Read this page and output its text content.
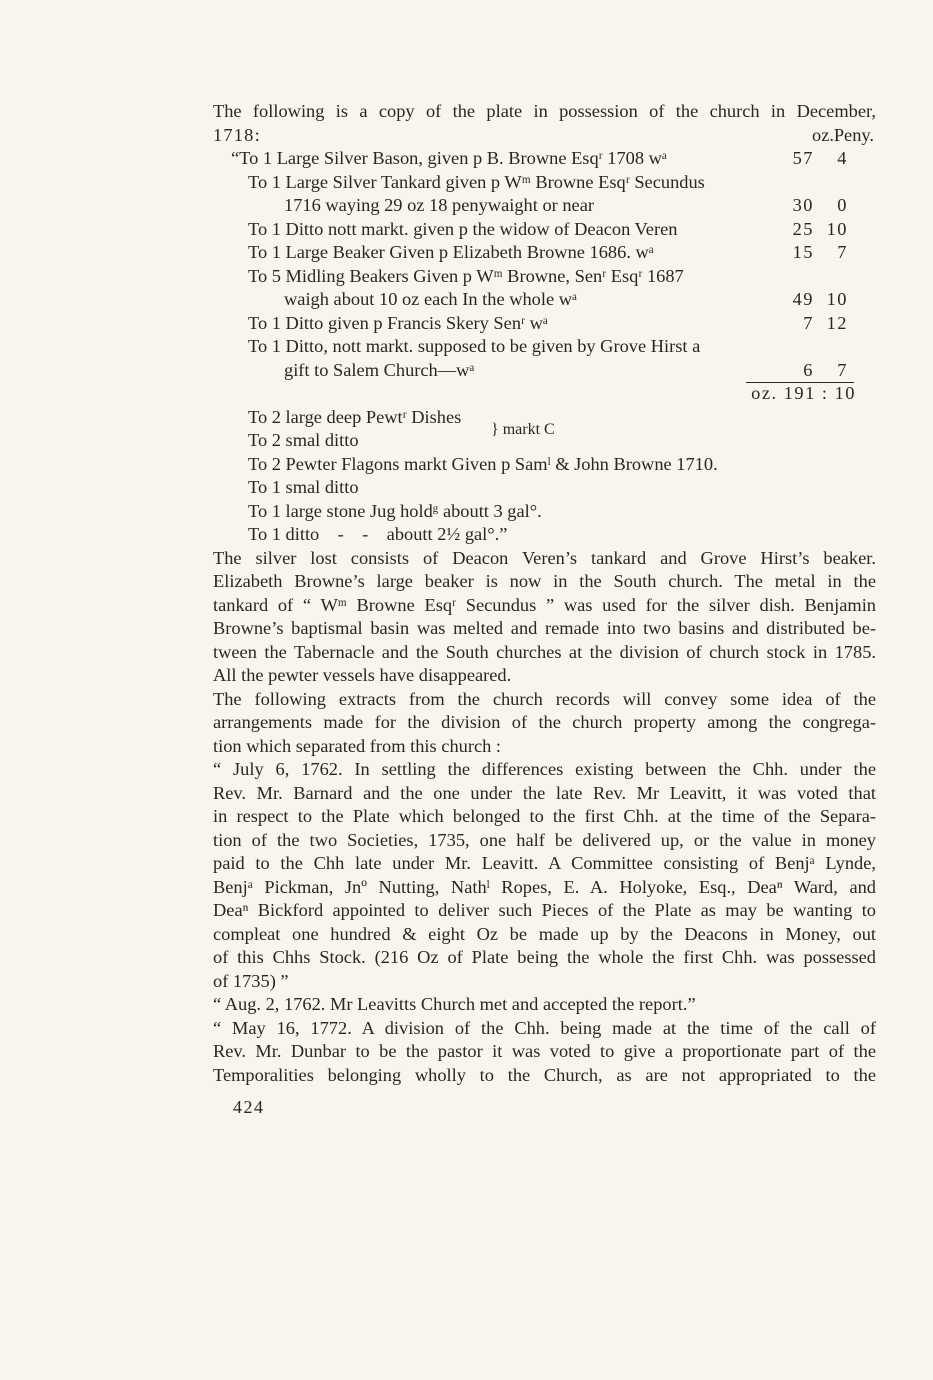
The following is a copy of the plate in possession of the church in December,
1718:	oz. Peny.
“To 1 Large Silver Bason, given p B. Browne Esqʳ 1708 wᵃ	57	4
To 1 Large Silver Tankard given p Wᵐ Browne Esqʳ Secundus
1716 waying 29 oz 18 penywaight or near	30	0
To 1 Ditto nott markt. given p the widow of Deacon Veren	25 10
To 1 Large Beaker Given p Elizabeth Browne 1686. wᵃ	15	7
To 5 Midling Beakers Given p Wᵐ Browne, Senʳ Esqʳ 1687
waigh about 10 oz each In the whole wᵃ	49 10
To 1 Ditto given p Francis Skery Senʳ wᵃ	7 12
To 1 Ditto, nott markt. supposed to be given by Grove Hirst a
gift to Salem Church—wᵃ	6	7
oz. 191 : 10
To 2 large deep Pewtʳ Dishes
To 2 smal ditto
} markt C
To 2 Pewter Flagons markt Given p Samˡ & John Browne 1710.
To 1 smal ditto
To 1 large stone Jug holdᵍ aboutt 3 gal°.
To 1 ditto    -    -    aboutt 2½ gal°.”
The silver lost consists of Deacon Veren’s tankard and Grove Hirst’s beaker.
Elizabeth Browne’s large beaker is now in the South church. The metal in the
tankard of “ Wᵐ Browne Esqʳ Secundus ” was used for the silver dish. Benjamin
Browne’s baptismal basin was melted and remade into two basins and distributed be-
tween the Tabernacle and the South churches at the division of church stock in 1785.
All the pewter vessels have disappeared.
The following extracts from the church records will convey some idea of the
arrangements made for the division of the church property among the congrega-
tion which separated from this church :
“ July 6, 1762. In settling the differences existing between the Chh. under the
Rev. Mr. Barnard and the one under the late Rev. Mr Leavitt, it was voted that
in respect to the Plate which belonged to the first Chh. at the time of the Separa-
tion of the two Societies, 1735, one half be delivered up, or the value in money
paid to the Chh late under Mr. Leavitt. A Committee consisting of Benjᵃ Lynde,
Benjᵃ Pickman, Jnº Nutting, Nathˡ Ropes, E. A. Holyoke, Esq., Deaⁿ Ward, and
Deaⁿ Bickford appointed to deliver such Pieces of the Plate as may be wanting to
compleat one hundred & eight Oz be made up by the Deacons in Money, out
of this Chhs Stock. (216 Oz of Plate being the whole the first Chh. was possessed
of 1735) ”
“ Aug. 2, 1762. Mr Leavitts Church met and accepted the report.”
“ May 16, 1772. A division of the Chh. being made at the time of the call of
Rev. Mr. Dunbar to be the pastor it was voted to give a proportionate part of the
Temporalities belonging wholly to the Church, as are not appropriated to the
424
